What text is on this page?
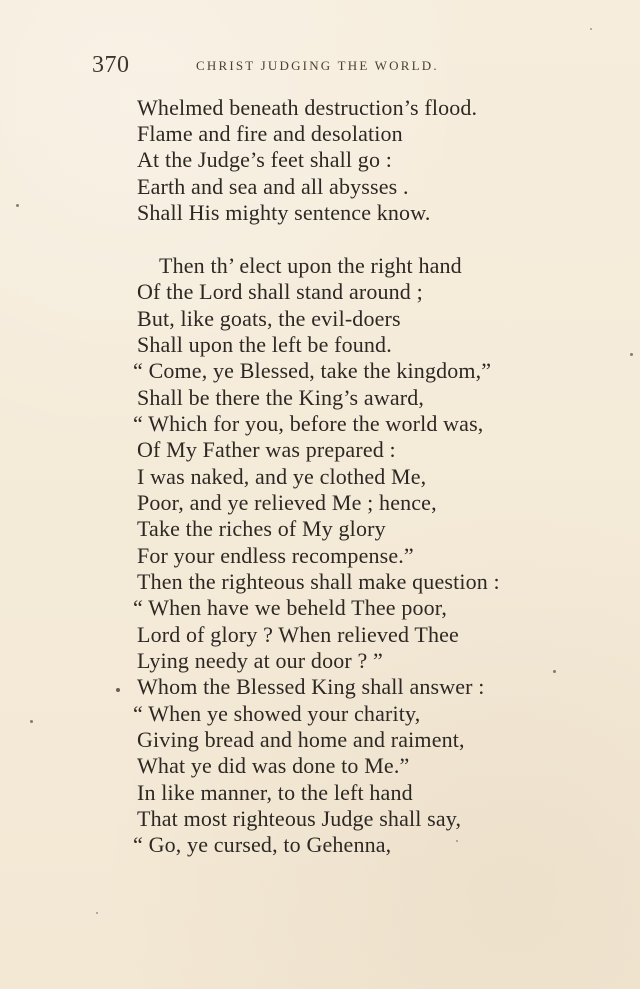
370	CHRIST JUDGING THE WORLD.
Whelmed beneath destruction’s flood.
Flame and fire and desolation
At the Judge’s feet shall go :
Earth and sea and all abysses .
Shall His mighty sentence know.
Then th’ elect upon the right hand
Of the Lord shall stand around ;
But, like goats, the evil-doers
Shall upon the left be found.
“ Come, ye Blessed, take the kingdom,”
Shall be there the King’s award,
“ Which for you, before the world was,
Of My Father was prepared :
I was naked, and ye clothed Me,
Poor, and ye relieved Me ; hence,
Take the riches of My glory
For your endless recompense.”
Then the righteous shall make question :
“ When have we beheld Thee poor,
Lord of glory ? When relieved Thee
Lying needy at our door ? ”
Whom the Blessed King shall answer :
“ When ye showed your charity,
Giving bread and home and raiment,
What ye did was done to Me.”
In like manner, to the left hand
That most righteous Judge shall say,
“ Go, ye cursed, to Gehenna,
